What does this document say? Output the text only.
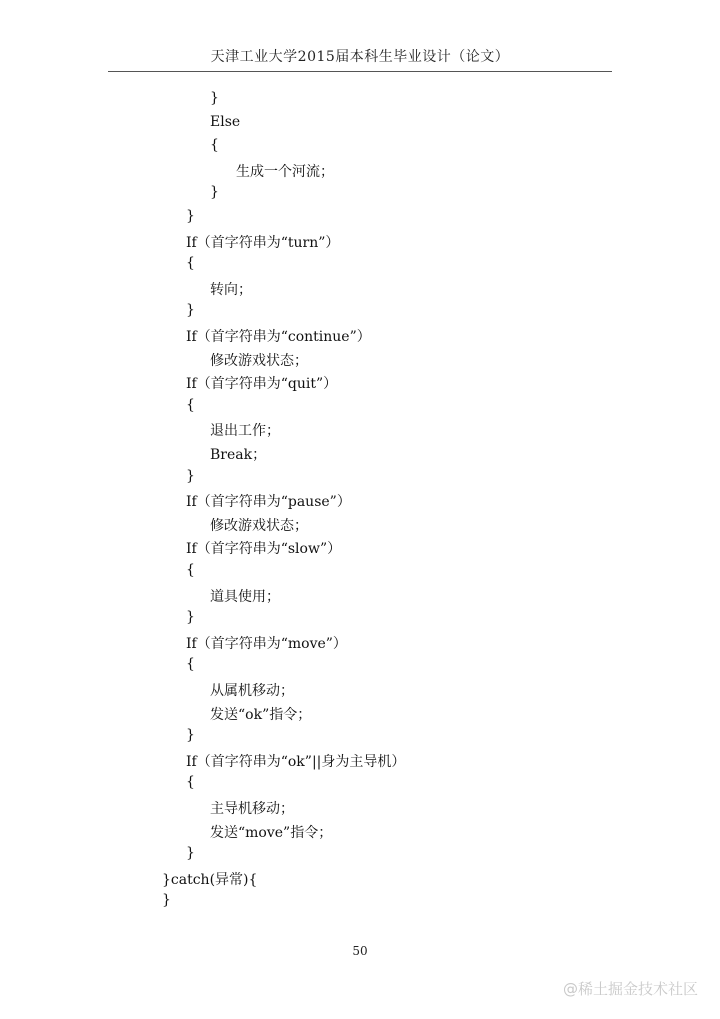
天津工业大学2015届本科生毕业设计（论文）
}
Else
{
生成一个河流；
}
}
If（首字符串为“turn”）
{
转向；
}
If（首字符串为“continue”）
修改游戏状态；
If（首字符串为“quit”）
{
退出工作；
Break；
}
If（首字符串为“pause”）
修改游戏状态；
If（首字符串为“slow”）
{
道具使用；
}
If（首字符串为“move”）
{
从属机移动；
发送“ok”指令；
}
If（首字符串为“ok”||身为主导机）
{
主导机移动；
发送“move”指令；
}
}catch(异常){
}
50
@稀土掘金技术社区
